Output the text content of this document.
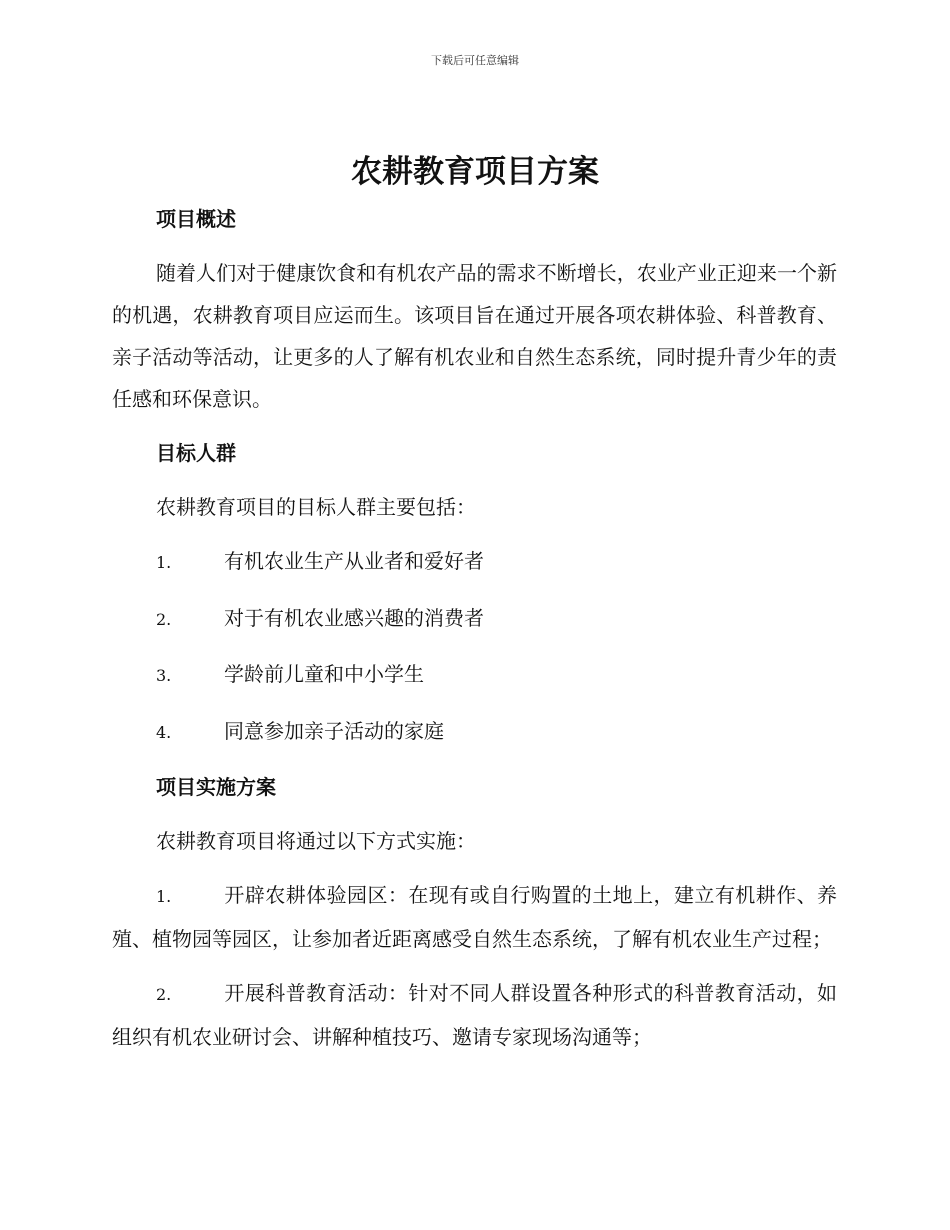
下载后可任意编辑
农耕教育项目方案
项目概述

随着人们对于健康饮食和有机农产品的需求不断增长，农业产业正迎来一个新的机遇，农耕教育项目应运而生。该项目旨在通过开展各项农耕体验、科普教育、亲子活动等活动，让更多的人了解有机农业和自然生态系统，同时提升青少年的责任感和环保意识。

目标人群

农耕教育项目的目标人群主要包括：

1.	有机农业生产从业者和爱好者
2.	对于有机农业感兴趣的消费者
3.	学龄前儿童和中小学生
4.	同意参加亲子活动的家庭
项目实施方案

农耕教育项目将通过以下方式实施：

1.	开辟农耕体验园区：在现有或自行购置的土地上，建立有机耕作、养殖、植物园等园区，让参加者近距离感受自然生态系统，了解有机农业生产过程；

2.	开展科普教育活动：针对不同人群设置各种形式的科普教育活动，如组织有机农业研讨会、讲解种植技巧、邀请专家现场沟通等；
